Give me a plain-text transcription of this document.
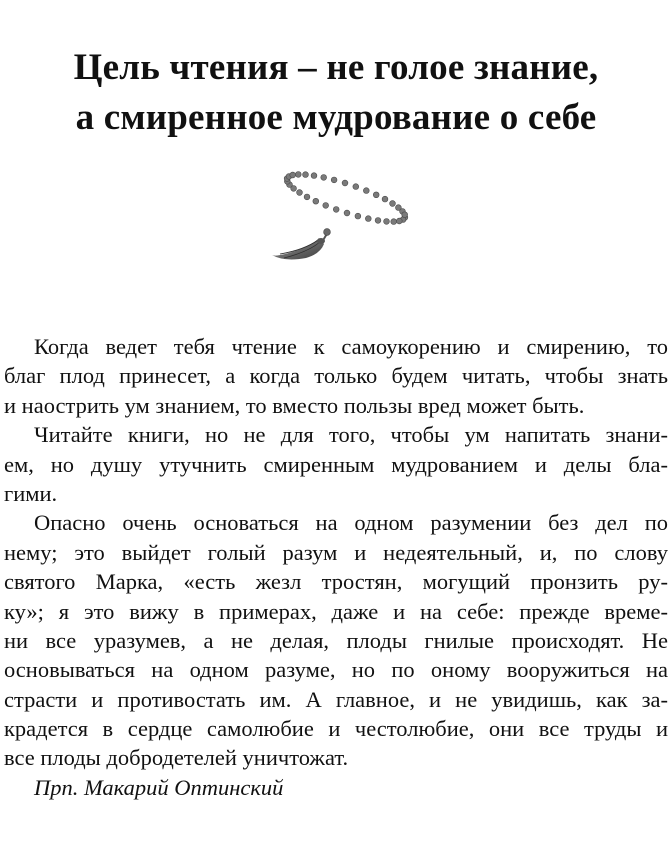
Цель чтения – не голое знание,
а смиренное мудрование о себе
Когда ведет тебя чтение к самоукорению и смирению, то
благ плод принесет, а когда только будем читать, чтобы знать
и наострить ум знанием, то вместо пользы вред может быть.
Читайте книги, но не для того, чтобы ум напитать знани-
ем, но душу утучнить смиренным мудрованием и делы бла-
гими.
Опасно очень основаться на одном разумении без дел по
нему; это выйдет голый разум и недеятельный, и, по слову
святого Марка, «есть жезл тростян, могущий пронзить ру-
ку»; я это вижу в примерах, даже и на себе: прежде време-
ни все уразумев, а не делая, плоды гнилые происходят. Не
основываться на одном разуме, но по оному вооружиться на
страсти и противостать им. А главное, и не увидишь, как за-
крадется в сердце самолюбие и честолюбие, они все труды и
все плоды добродетелей уничтожат.
Прп. Макарий Оптинский
